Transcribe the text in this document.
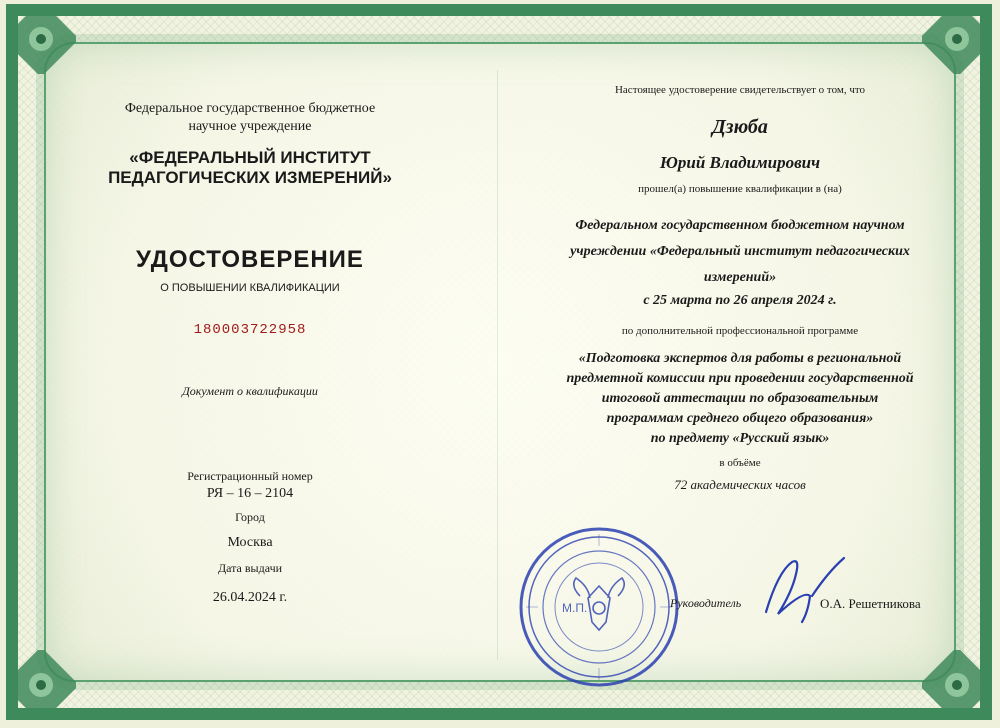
Федеральное государственное бюджетное
научное учреждение
«ФЕДЕРАЛЬНЫЙ ИНСТИТУТ
ПЕДАГОГИЧЕСКИХ ИЗМЕРЕНИЙ»
УДОСТОВЕРЕНИЕ
О ПОВЫШЕНИИ КВАЛИФИКАЦИИ
180003722958
Документ о квалификации
Регистрационный номер
РЯ – 16 – 2104
Город
Москва
Дата выдачи
26.04.2024 г.
Настоящее удостоверение свидетельствует о том, что
Дзюба
Юрий Владимирович
прошел(а) повышение квалификации в (на)
Федеральном государственном бюджетном научном
учреждении «Федеральный институт педагогических
измерений»
с 25 марта по 26 апреля 2024 г.
по дополнительной профессиональной программе
«Подготовка экспертов для работы в региональной
предметной комиссии при проведении государственной
итоговой аттестации по образовательным
программам среднего общего образования»
по предмету «Русский язык»
в объёме
72 академических часов
М.П.	Руководитель	О.А. Решетникова
